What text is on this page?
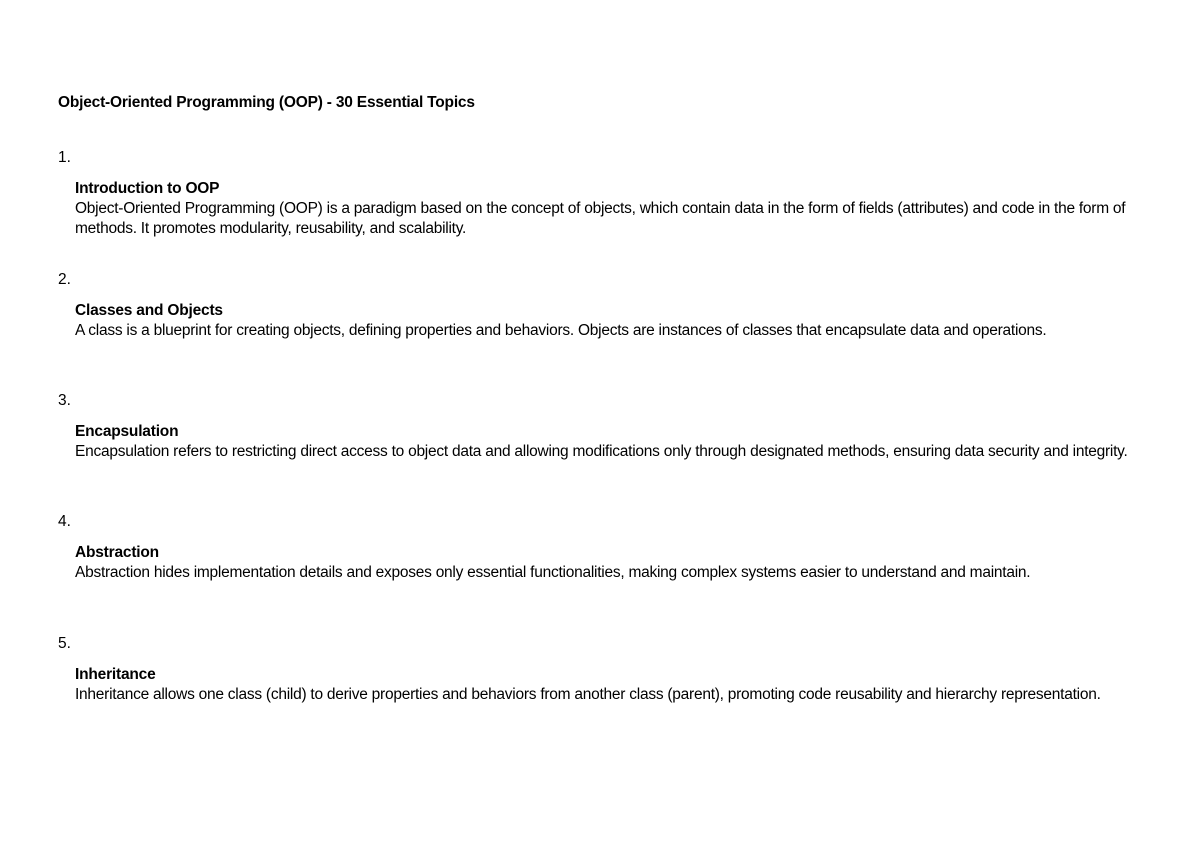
Object-Oriented Programming (OOP) - 30 Essential Topics
1.
Introduction to OOP
Object-Oriented Programming (OOP) is a paradigm based on the concept of objects, which contain data in the form of fields (attributes) and code in the form of methods. It promotes modularity, reusability, and scalability.
2.
Classes and Objects
A class is a blueprint for creating objects, defining properties and behaviors. Objects are instances of classes that encapsulate data and operations.
3.
Encapsulation
Encapsulation refers to restricting direct access to object data and allowing modifications only through designated methods, ensuring data security and integrity.
4.
Abstraction
Abstraction hides implementation details and exposes only essential functionalities, making complex systems easier to understand and maintain.
5.
Inheritance
Inheritance allows one class (child) to derive properties and behaviors from another class (parent), promoting code reusability and hierarchy representation.
